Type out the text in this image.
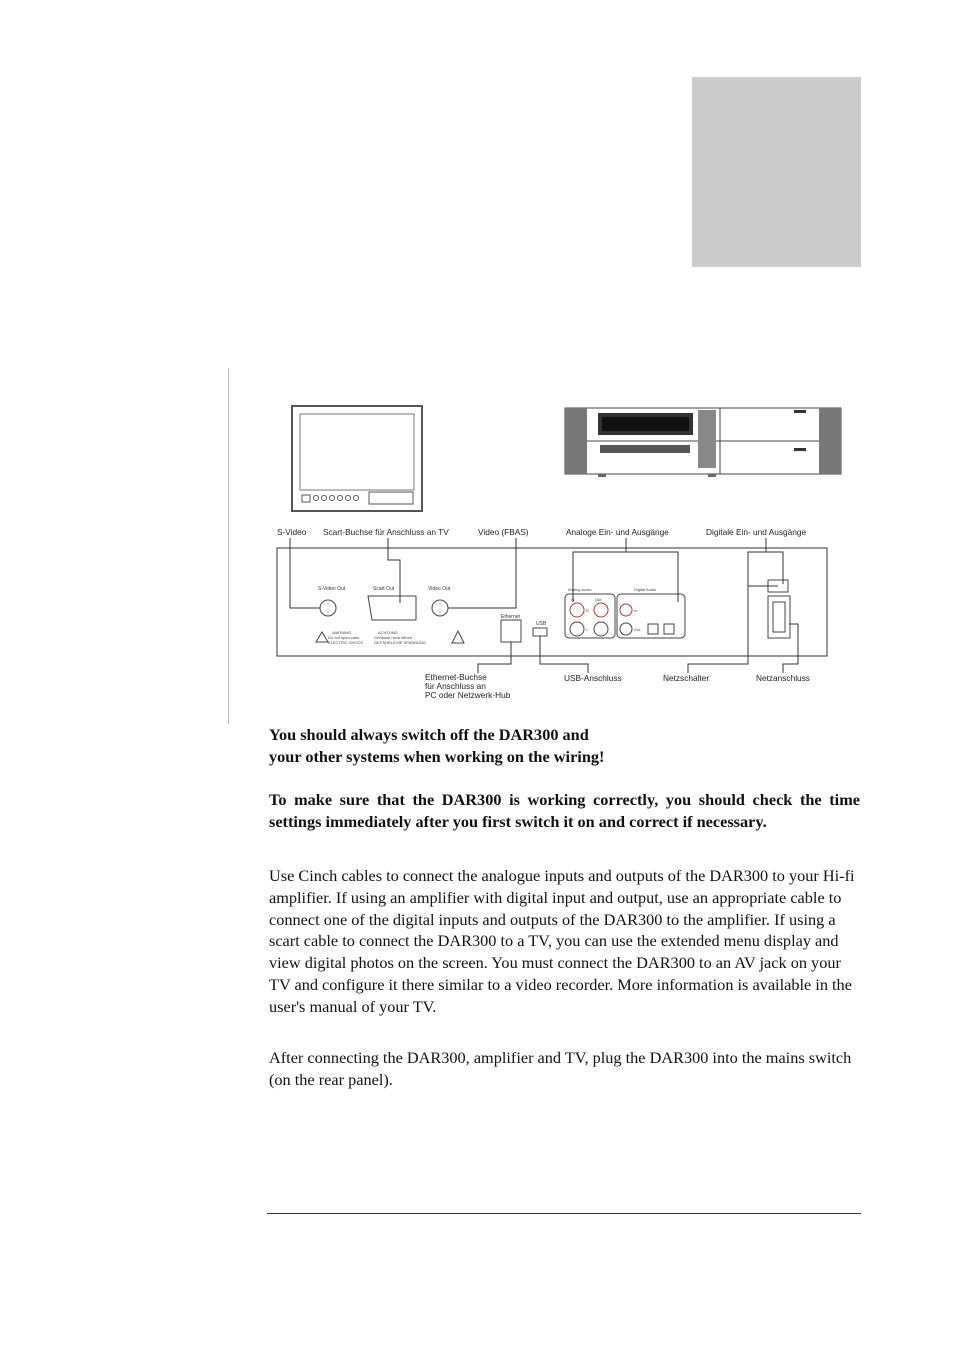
S-Video Scart-Buchse für Anschluss an TV	Video (FBAS)	Analoge Ein- und Ausgänge	Digitale Ein- und Ausgänge
S-Video Out	Scart Out	Video Out
Ethernet
USB
WARNING
Do not open case
ELECTRIC SHOCK
ACHTUNG
Gehäuse nicht öffnen
GEFÄHRLICHE SPANNUNG
Analog Audio
In	Out
R
L
Digital Audio
In
Out
Ethernet-Buchse
für Anschluss an
PC oder Netzwerk-Hub
USB-Anschluss	Netzschalter	Netzanschluss

You should always switch off the DAR300 and

your other systems when working on the wiring!

To make sure that the DAR300 is working correctly, you should check the time settings immediately after you first switch it on and correct if necessary.

Use Cinch cables to connect the analogue inputs and outputs of the DAR300 to your Hi-fi amplifier. If using an amplifier with digital input and output, use an appropriate cable to connect one of the digital inputs and outputs of the DAR300 to the amplifier. If using a scart cable to connect the DAR300 to a TV, you can use the extended menu display and view digital photos on the screen. You must connect the DAR300 to an AV jack on your TV and configure it there similar to a video recorder. More information is available in the user's manual of your TV.

After connecting the DAR300, amplifier and TV, plug the DAR300 into the mains switch (on the rear panel).
